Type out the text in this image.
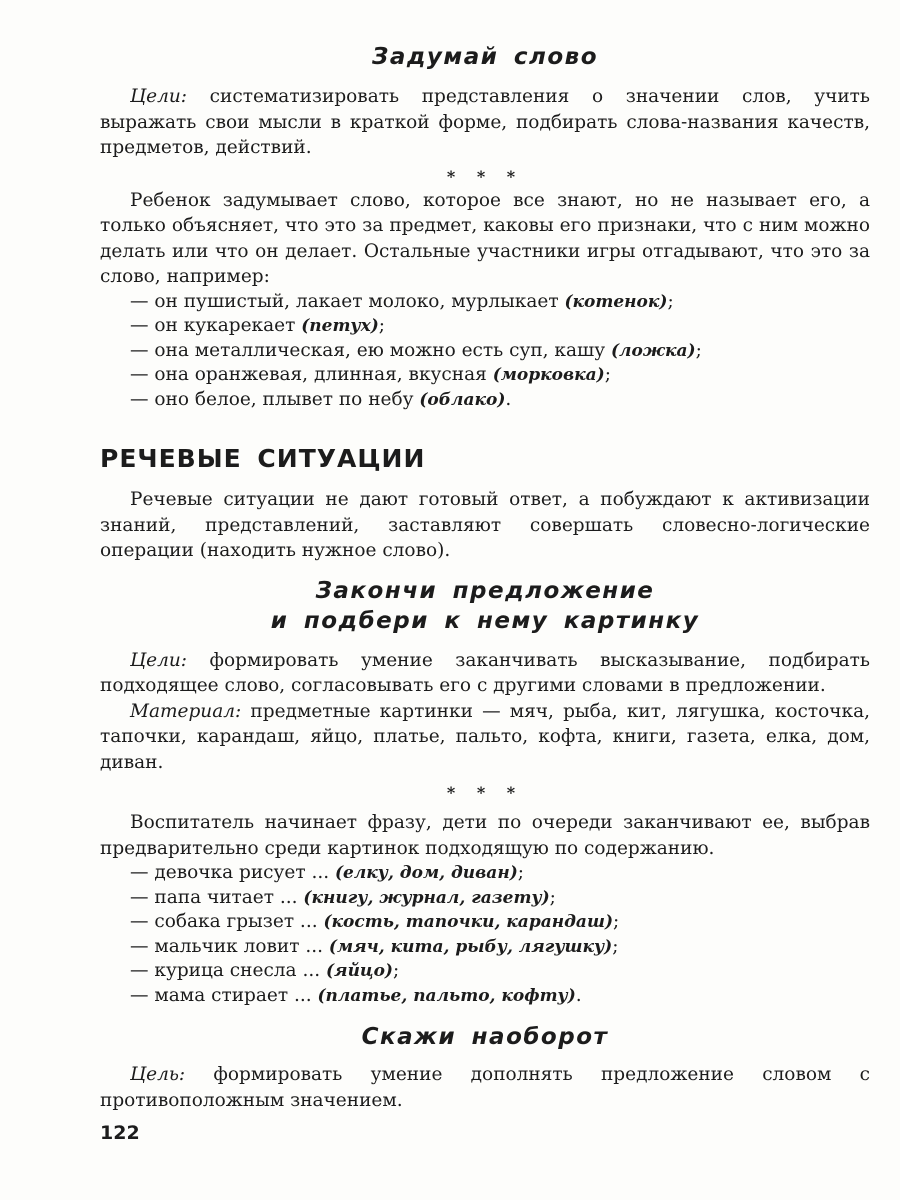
Задумай слово

Цели: систематизировать представления о значении слов, учить выражать свои мысли в краткой форме, подбирать слова-названия качеств, предметов, действий.

* * *

Ребенок задумывает слово, которое все знают, но не называет его, а только объясняет, что это за предмет, каковы его признаки, что с ним можно делать или что он делает. Остальные участники игры отгадывают, что это за слово, например:

— он пушистый, лакает молоко, мурлыкает (котенок);
— он кукарекает (петух);
— она металлическая, ею можно есть суп, кашу (ложка);
— она оранжевая, длинная, вкусная (морковка);
— оно белое, плывет по небу (облако).
РЕЧЕВЫЕ СИТУАЦИИ

Речевые ситуации не дают готовый ответ, а побуждают к активизации знаний, представлений, заставляют совершать словесно-логические операции (находить нужное слово).

Закончи предложение
и подбери к нему картинку

Цели: формировать умение заканчивать высказывание, подбирать подходящее слово, согласовывать его с другими словами в предложении.

Материал: предметные картинки — мяч, рыба, кит, лягушка, косточка, тапочки, карандаш, яйцо, платье, пальто, кофта, книги, газета, елка, дом, диван.

* * *

Воспитатель начинает фразу, дети по очереди заканчивают ее, выбрав предварительно среди картинок подходящую по содержанию.

— девочка рисует ... (елку, дом, диван);
— папа читает ... (книгу, журнал, газету);
— собака грызет ... (кость, тапочки, карандаш);
— мальчик ловит ... (мяч, кита, рыбу, лягушку);
— курица снесла ... (яйцо);
— мама стирает ... (платье, пальто, кофту).
Скажи наоборот

Цель: формировать умение дополнять предложение словом с противоположным значением.

122
